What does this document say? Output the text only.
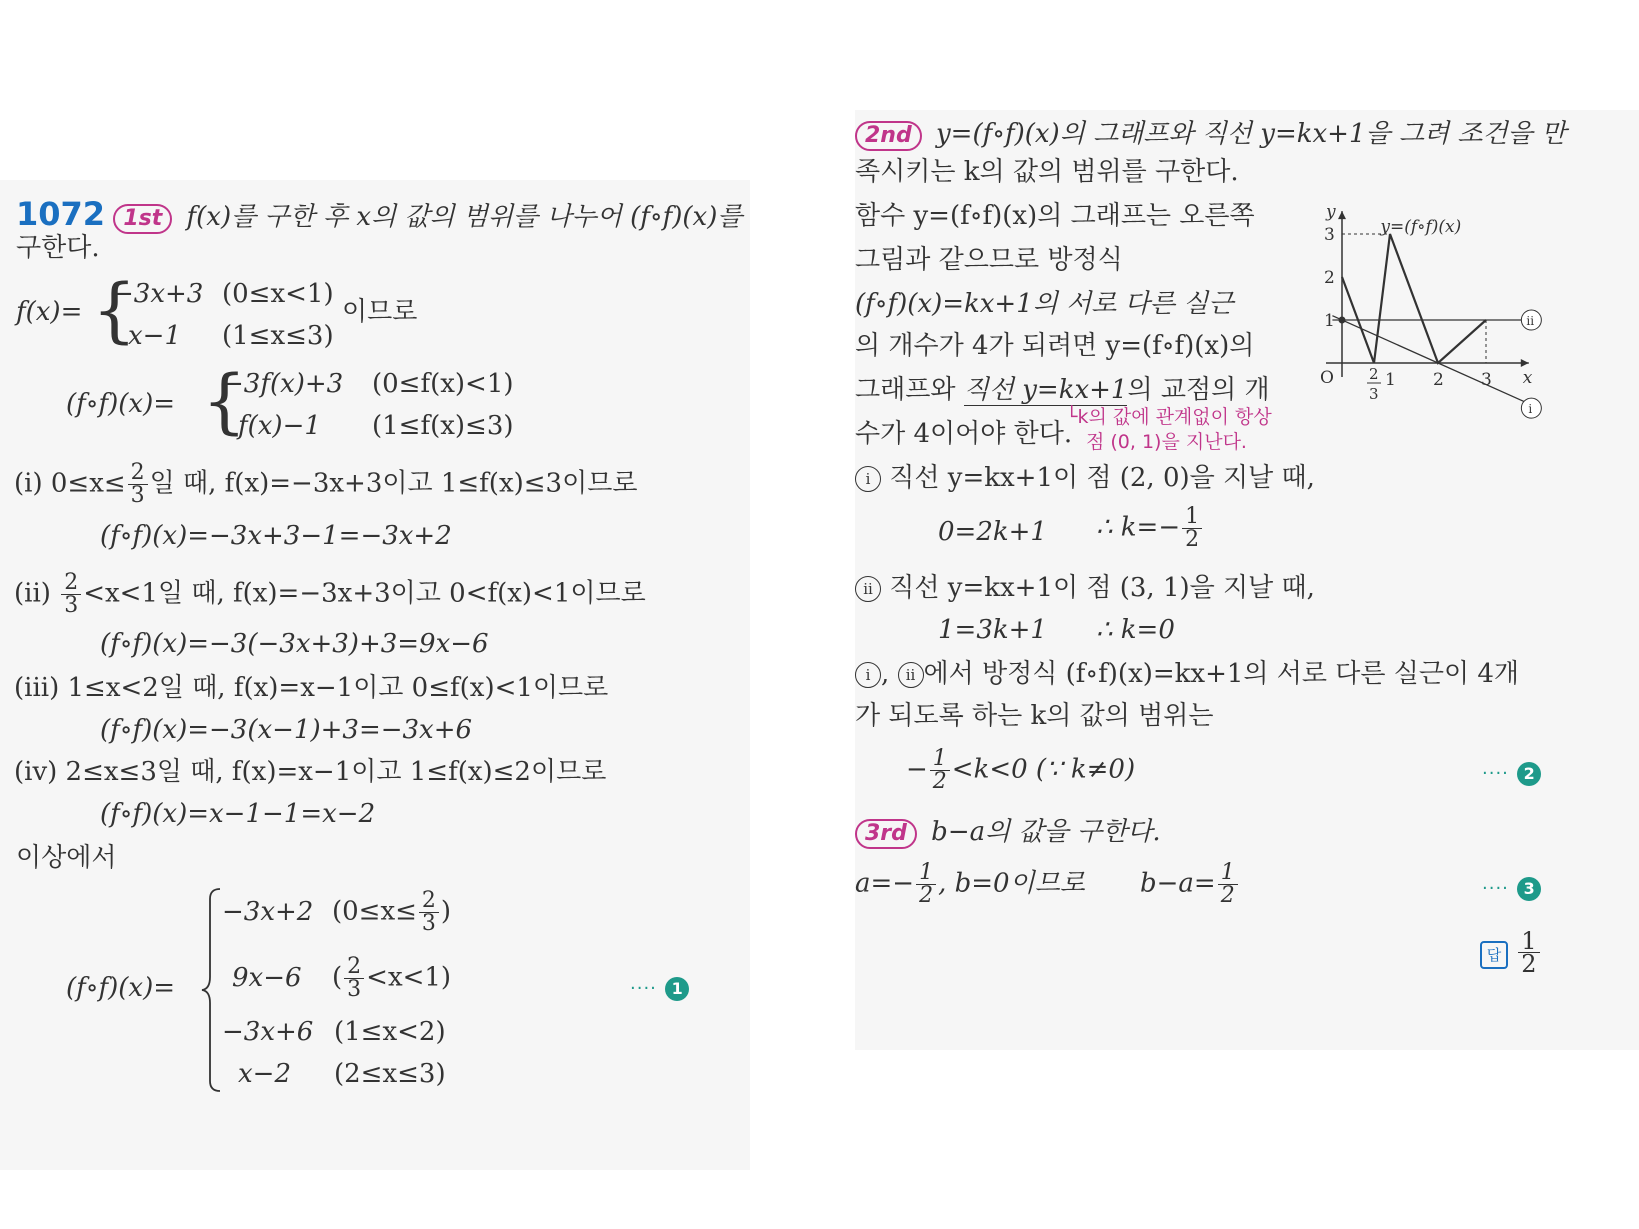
1072 1st f(x)를 구한 후 x의 값의 범위를 나누어 (f∘f)(x)를
구한다.
f(x)= {
−3x+3 (0≤x<1)
x−1 (1≤x≤3)
이므로
(f∘f)(x)= {
−3f(x)+3 (0≤f(x)<1)
f(x)−1 (1≤f(x)≤3)
(i) $0\le x\le \frac{2}{3}$ 일 때, f(x)=−3x+3이고 1≤f(x)≤3이므로
(f∘f)(x)=−3x+3−1=−3x+2
$(ii) \frac{2}{3} <x<1$일 때, f(x)=−3x+3이고 0<f(x)<1이므로
(f∘f)(x)=−3(−3x+3)+3=9x−6
(iii) 1≤x<2일 때, f(x)=x−1이고 0≤f(x)<1이므로
(f∘f)(x)=−3(x−1)+3=−3x+6
(iv) 2≤x≤3일 때, f(x)=x−1이고 1≤f(x)≤2이므로
(f∘f)(x)=x−1−1=x−2
이상에서
(f∘f)(x)=
−3x+2 ($0\le x\le \frac{2}{3}$ )
9x−6 ( $\frac{2}{3} <x<1$)
−3x+6 (1≤x<2)
x−2 (2≤x≤3)
···· 1
2nd y=(f∘f)(x)의 그래프와 직선 y=kx+1을 그려 조건을 만
족시키는 k의 값의 범위를 구한다.
함수 y=(f∘f)(x)의 그래프는 오른쪽
그림과 같으므로 방정식
(f∘f)(x)=kx+1의 서로 다른 실근
의 개수가 4가 되려면 y=(f∘f)(x)의
그래프와 직선 y=kx+1의 교점의 개
수가 4이어야 한다.
└k의 값에 관계없이 항상
점 (0, 1)을 지난다.
y
x
O
3
2
1
1 2 3
2
3
y=(f∘f)(x)
ii
i
i 직선 y=kx+1이 점 (2, 0)을 지날 때,
0=2k+1 ∴ $k=- \frac{1}{2}$
ii 직선 y=kx+1이 점 (3, 1)을 지날 때,
1=3k+1 ∴ k=0
i , ii 에서 방정식 (f∘f)(x)=kx+1의 서로 다른 실근이 4개
가 되도록 하는 k의 값의 범위는
− $\frac{1}{2} <k<0$ (∵ k≠0)	···· 2
3rd b−a의 값을 구한다.
$a=- \frac{1}{2}$ , b=0이므로 $b-a= \frac{1}{2}$	···· 3
답 $\frac{1}{2}$
